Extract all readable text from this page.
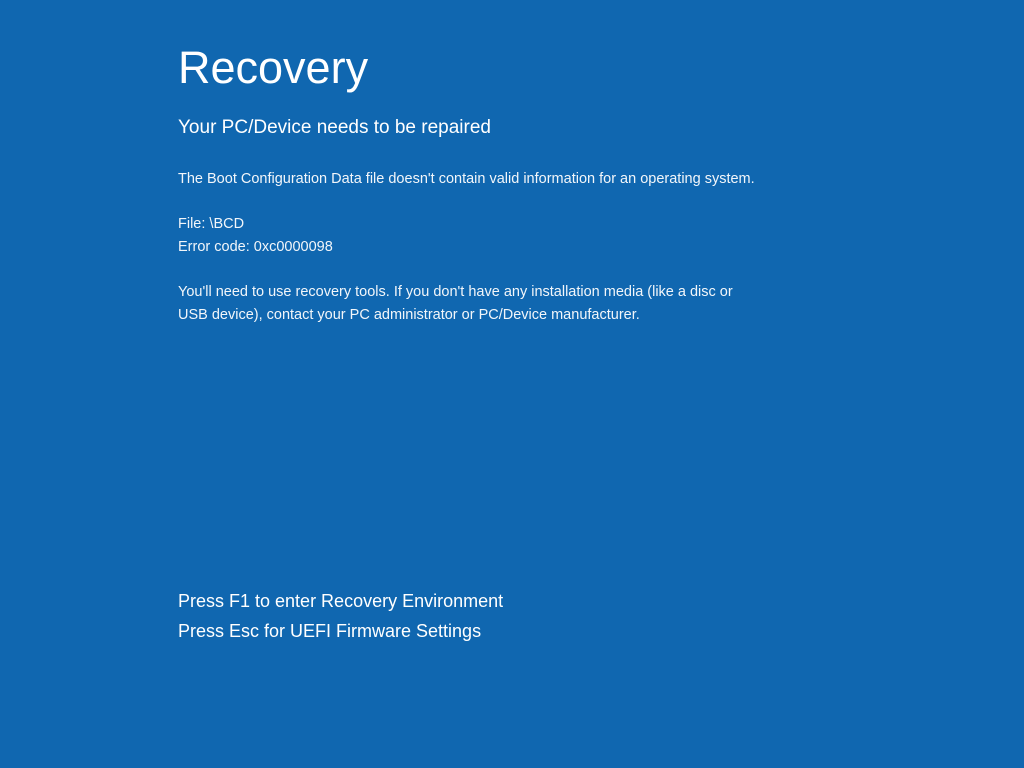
Recovery
Your PC/Device needs to be repaired
The Boot Configuration Data file doesn't contain valid information for an operating system.
File: \BCD
Error code: 0xc0000098
You'll need to use recovery tools. If you don't have any installation media (like a disc or USB device), contact your PC administrator or PC/Device manufacturer.
Press F1 to enter Recovery Environment
Press Esc for UEFI Firmware Settings
